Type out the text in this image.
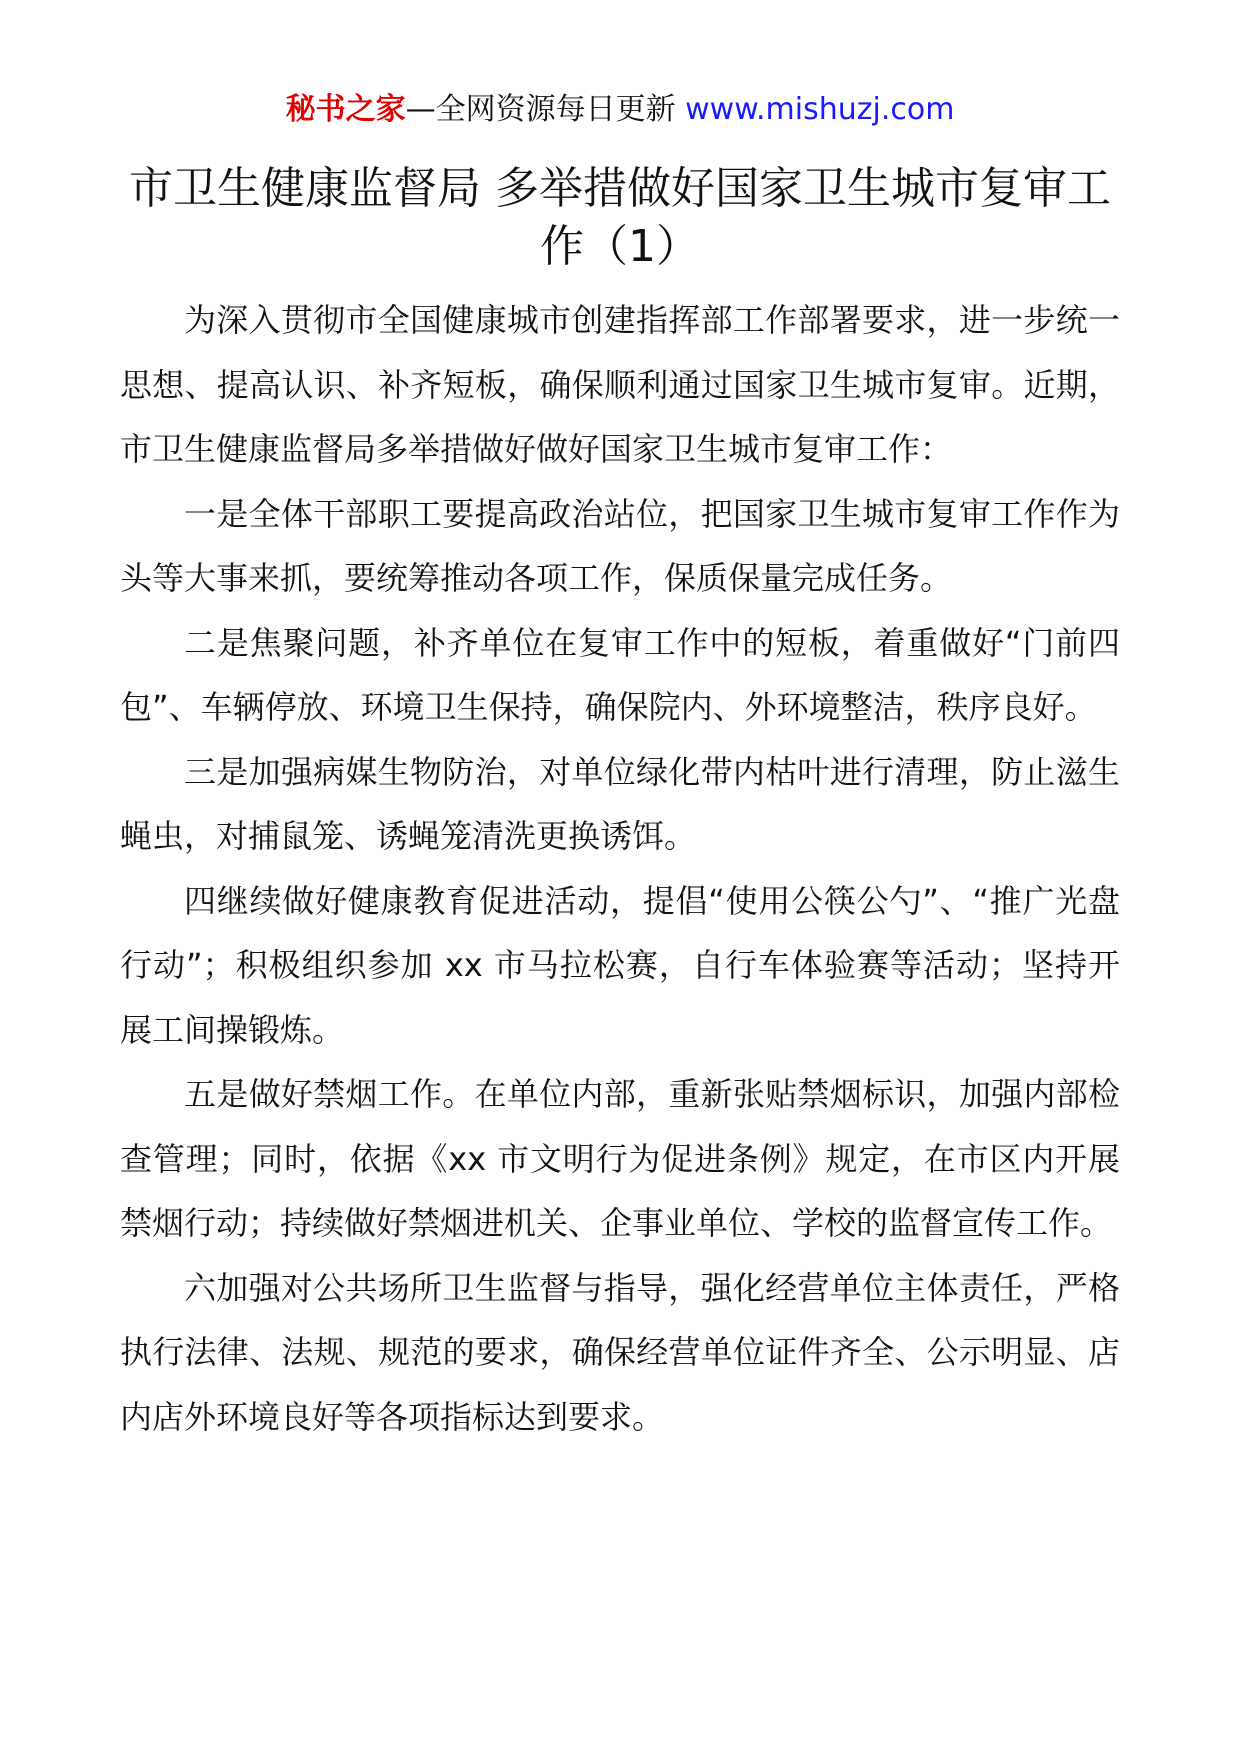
秘书之家—全网资源每日更新 www.mishuzj.com
市卫生健康监督局 多举措做好国家卫生城市复审工作（1）

为深入贯彻市全国健康城市创建指挥部工作部署要求，进一步统一思想、提高认识、补齐短板，确保顺利通过国家卫生城市复审。近期，市卫生健康监督局多举措做好做好国家卫生城市复审工作：

一是全体干部职工要提高政治站位，把国家卫生城市复审工作作为头等大事来抓，要统筹推动各项工作，保质保量完成任务。

二是焦聚问题，补齐单位在复审工作中的短板，着重做好“门前四包”、车辆停放、环境卫生保持，确保院内、外环境整洁，秩序良好。

三是加强病媒生物防治，对单位绿化带内枯叶进行清理，防止滋生蝇虫，对捕鼠笼、诱蝇笼清洗更换诱饵。

四继续做好健康教育促进活动，提倡“使用公筷公勺”、“推广光盘行动”；积极组织参加 xx 市马拉松赛，自行车体验赛等活动；坚持开展工间操锻炼。

五是做好禁烟工作。在单位内部，重新张贴禁烟标识，加强内部检查管理；同时，依据《xx 市文明行为促进条例》规定，在市区内开展禁烟行动；持续做好禁烟进机关、企事业单位、学校的监督宣传工作。

六加强对公共场所卫生监督与指导，强化经营单位主体责任，严格执行法律、法规、规范的要求，确保经营单位证件齐全、公示明显、店内店外环境良好等各项指标达到要求。
